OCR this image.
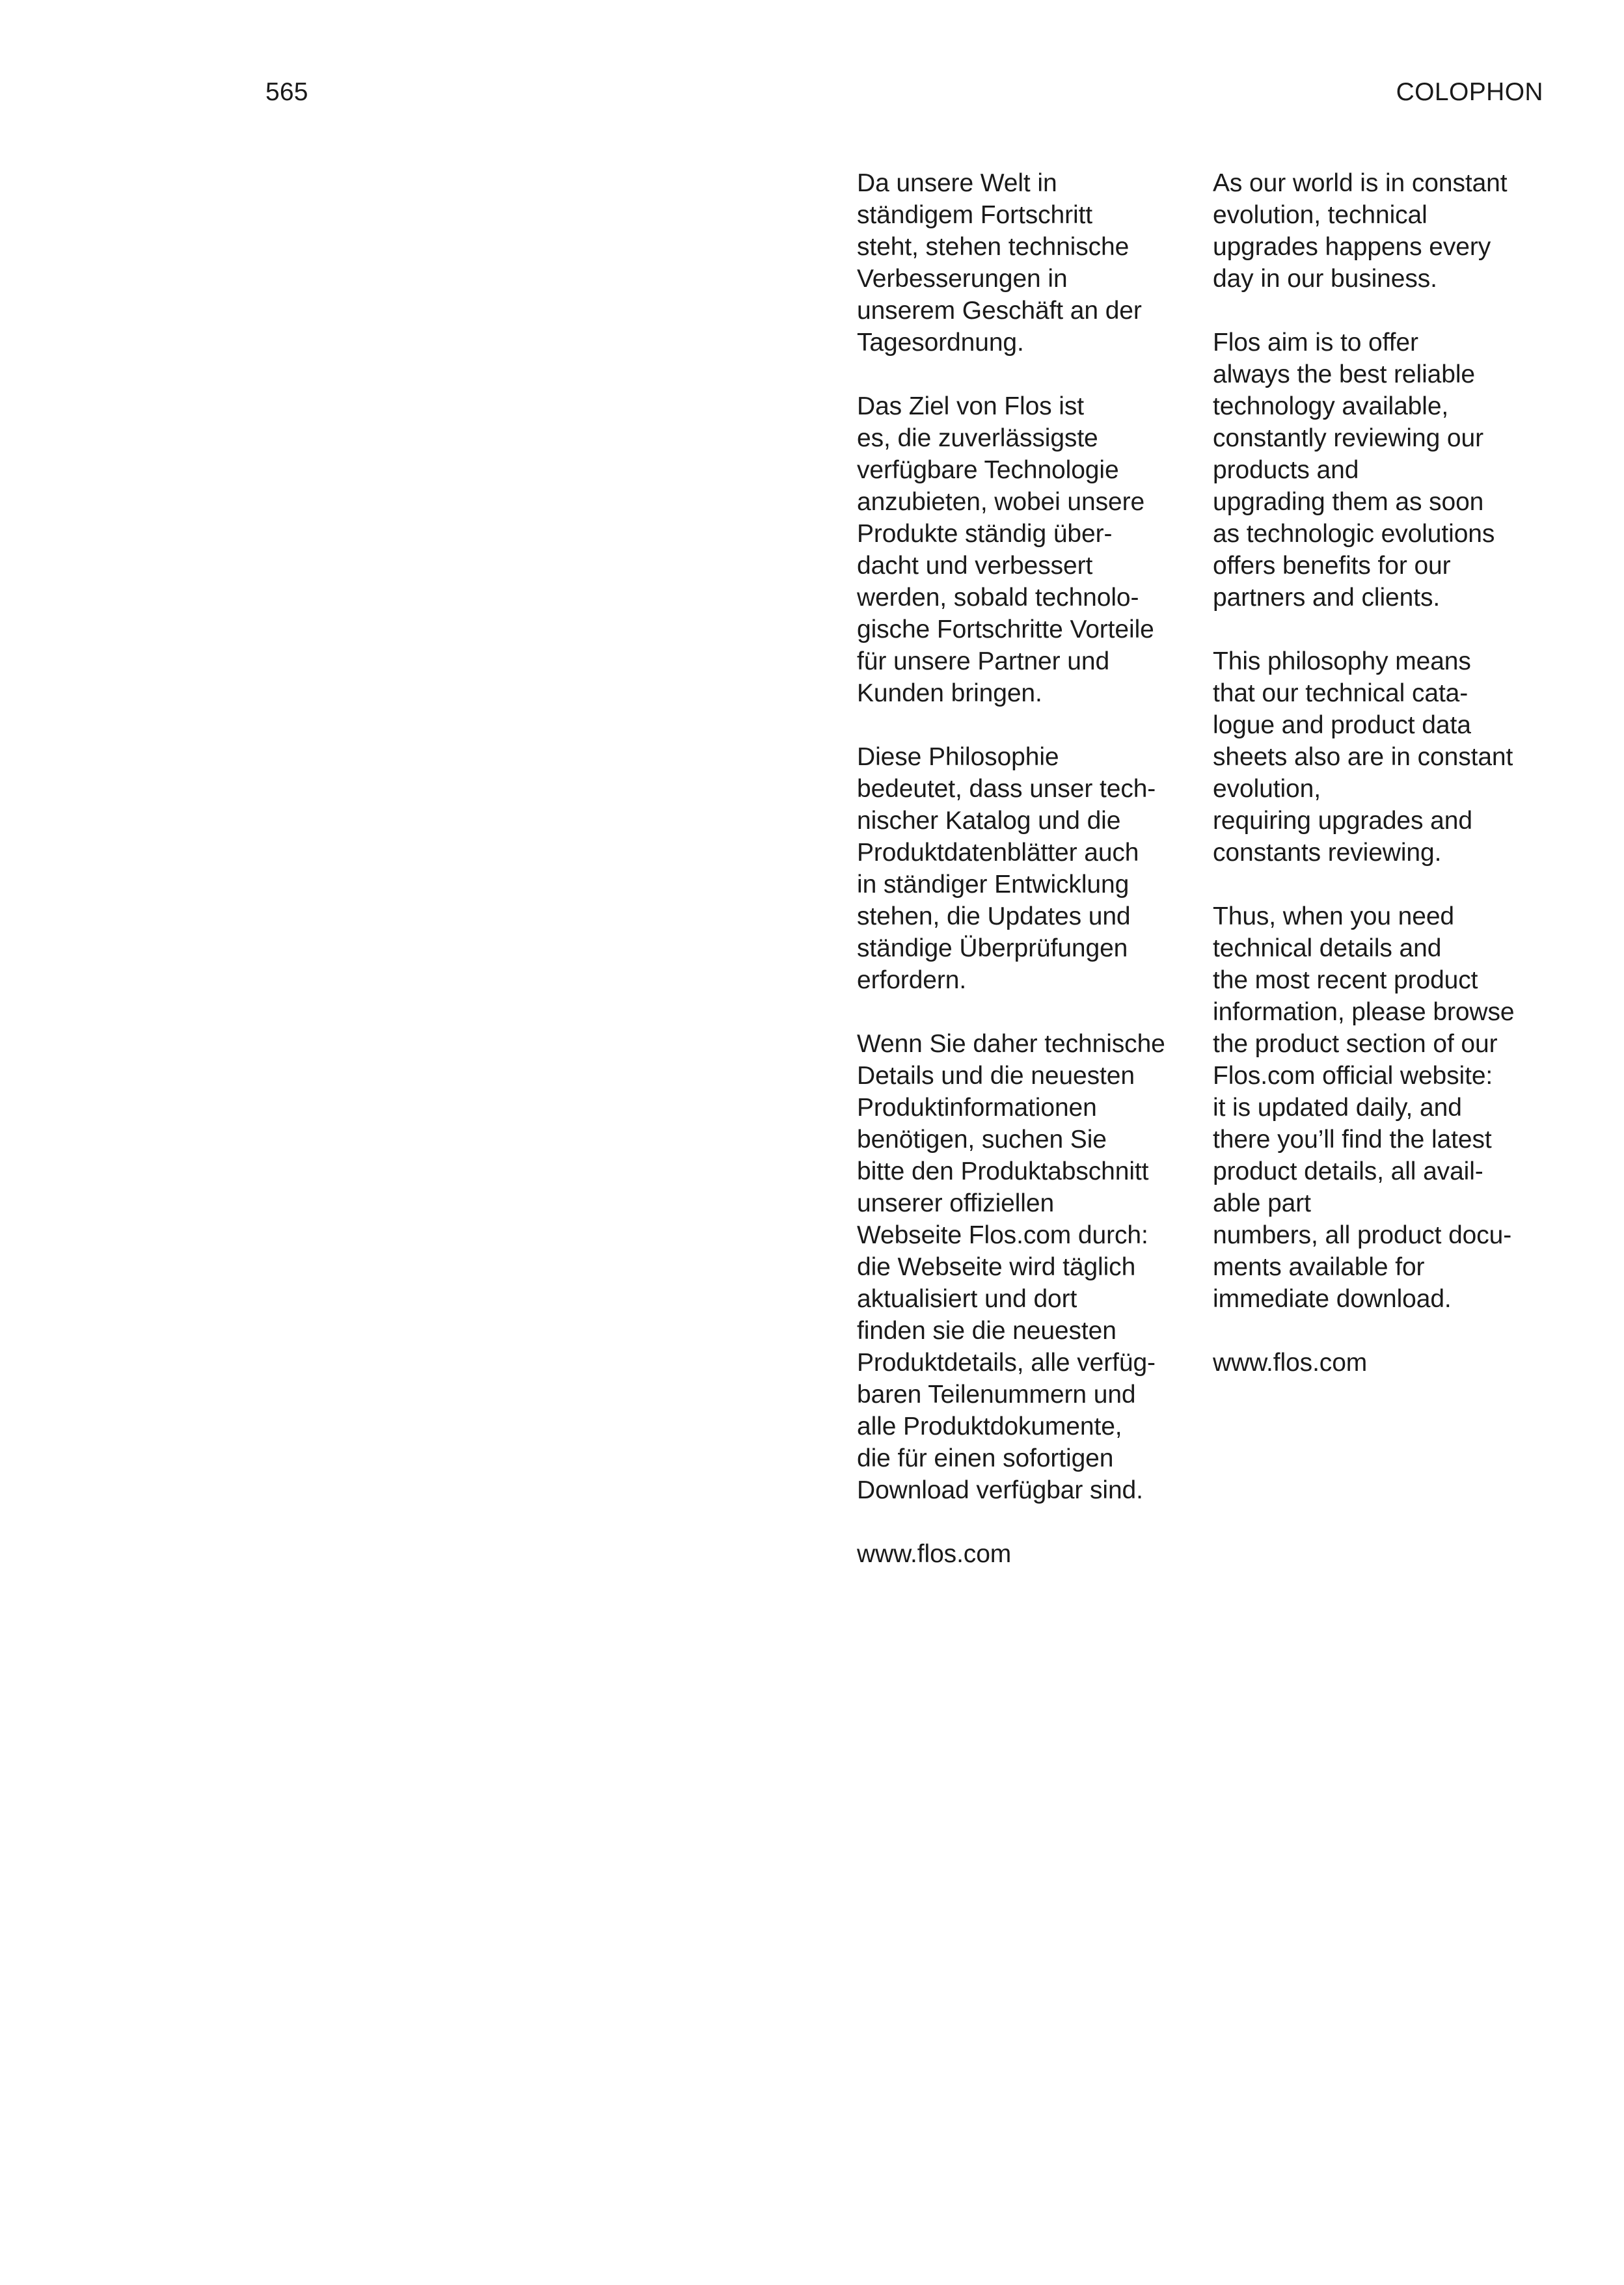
565	COLOPHON

Da unsere Welt in
ständigem Fortschritt
steht, stehen technische
Verbesserungen in
unserem Geschäft an der
Tagesordnung.

Das Ziel von Flos ist
es, die zuverlässigste
verfügbare Technologie
anzubieten, wobei unsere
Produkte ständig über-
dacht und verbessert
werden, sobald technolo-
gische Fortschritte Vorteile
für unsere Partner und
Kunden bringen.

Diese Philosophie
bedeutet, dass unser tech-
nischer Katalog und die
Produktdatenblätter auch
in ständiger Entwicklung
stehen, die Updates und
ständige Überprüfungen
erfordern.

Wenn Sie daher technische
Details und die neuesten
Produktinformationen
benötigen, suchen Sie
bitte den Produktabschnitt
unserer offiziellen
Webseite Flos.com durch:
die Webseite wird täglich
aktualisiert und dort
finden sie die neuesten
Produktdetails, alle verfüg-
baren Teilenummern und
alle Produktdokumente,
die für einen sofortigen
Download verfügbar sind.

www.flos.com

As our world is in constant
evolution, technical
upgrades happens every
day in our business.

Flos aim is to offer
always the best reliable
technology available,
constantly reviewing our
products and
upgrading them as soon
as technologic evolutions
offers benefits for our
partners and clients.

This philosophy means
that our technical cata-
logue and product data
sheets also are in constant
evolution,
requiring upgrades and
constants reviewing.

Thus, when you need
technical details and
the most recent product
information, please browse
the product section of our
Flos.com official website:
it is updated daily, and
there you’ll find the latest
product details, all avail-
able part
numbers, all product docu-
ments available for
immediate download.

www.flos.com
